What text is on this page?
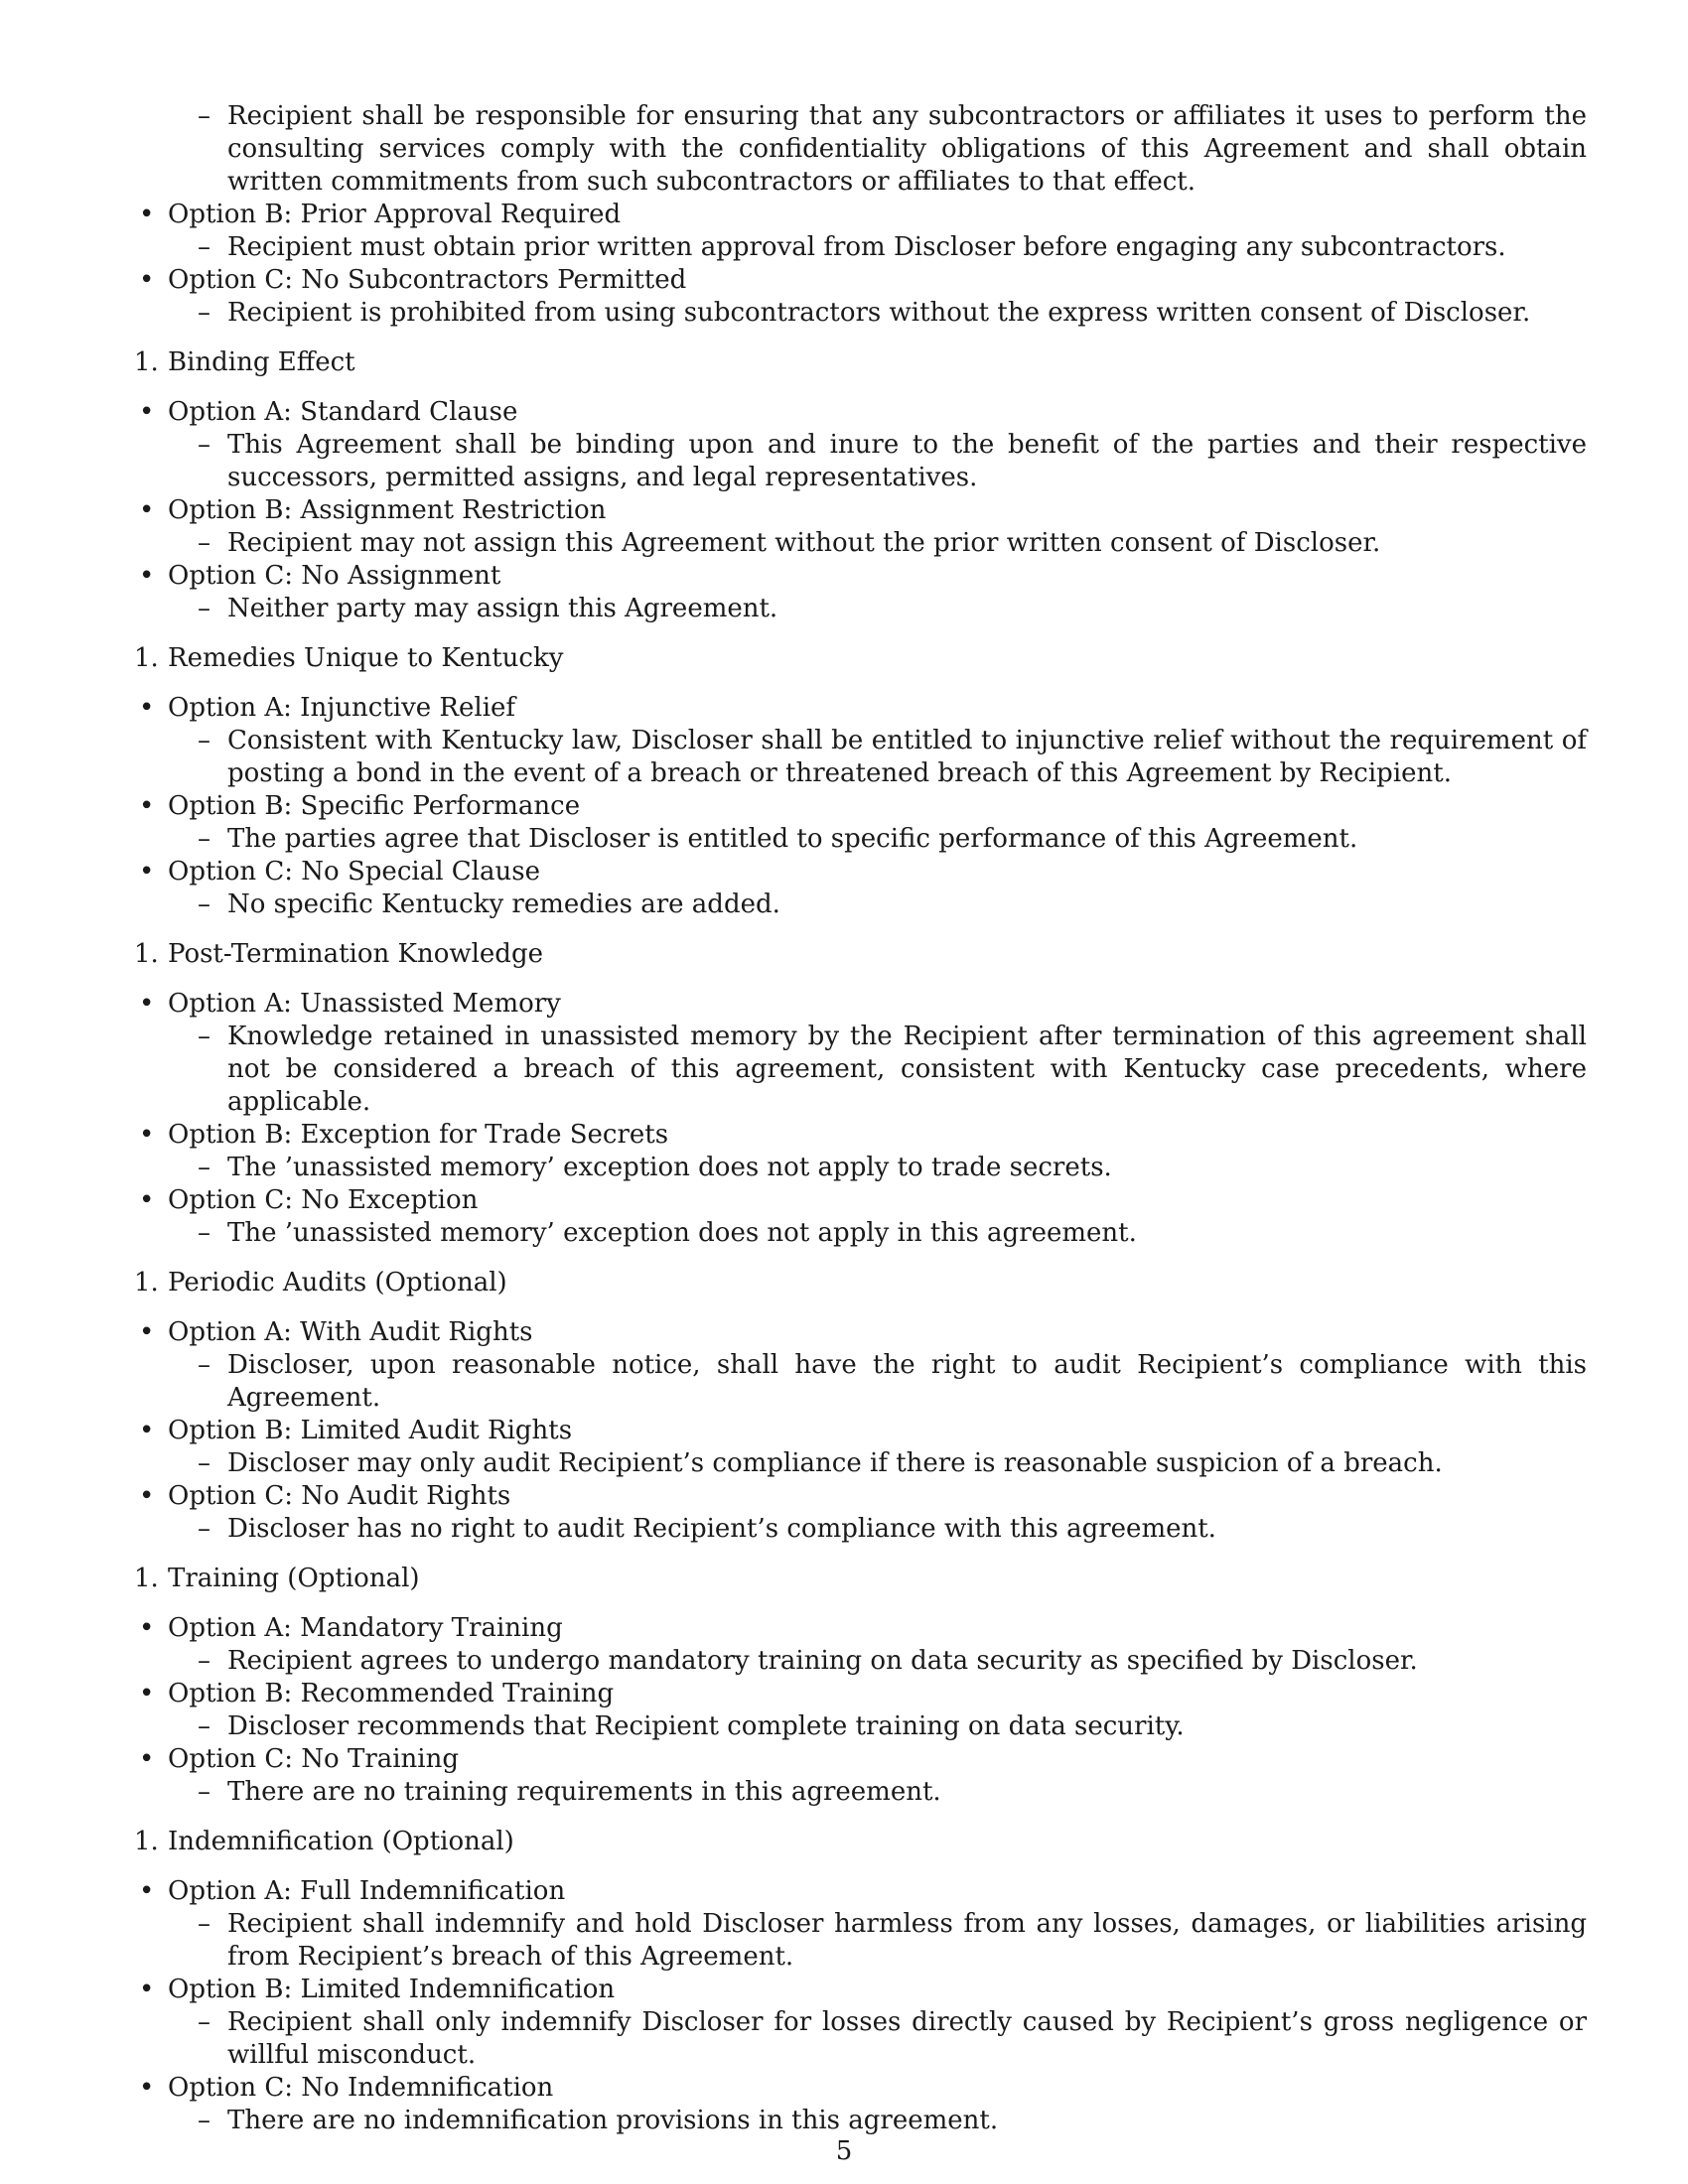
– Recipient shall be responsible for ensuring that any subcontractors or affiliates it uses to perform the consulting services comply with the confidentiality obligations of this Agreement and shall obtain written commitments from such subcontractors or affiliates to that effect.
• Option B: Prior Approval Required
– Recipient must obtain prior written approval from Discloser before engaging any subcontractors.
• Option C: No Subcontractors Permitted
– Recipient is prohibited from using subcontractors without the express written consent of Discloser.
1. Binding Effect
• Option A: Standard Clause
– This Agreement shall be binding upon and inure to the benefit of the parties and their respective successors, permitted assigns, and legal representatives.
• Option B: Assignment Restriction
– Recipient may not assign this Agreement without the prior written consent of Discloser.
• Option C: No Assignment
– Neither party may assign this Agreement.
1. Remedies Unique to Kentucky
• Option A: Injunctive Relief
– Consistent with Kentucky law, Discloser shall be entitled to injunctive relief without the requirement of posting a bond in the event of a breach or threatened breach of this Agreement by Recipient.
• Option B: Specific Performance
– The parties agree that Discloser is entitled to specific performance of this Agreement.
• Option C: No Special Clause
– No specific Kentucky remedies are added.
1. Post-Termination Knowledge
• Option A: Unassisted Memory
– Knowledge retained in unassisted memory by the Recipient after termination of this agreement shall not be considered a breach of this agreement, consistent with Kentucky case precedents, where applicable.
• Option B: Exception for Trade Secrets
– The ’unassisted memory’ exception does not apply to trade secrets.
• Option C: No Exception
– The ’unassisted memory’ exception does not apply in this agreement.
1. Periodic Audits (Optional)
• Option A: With Audit Rights
– Discloser, upon reasonable notice, shall have the right to audit Recipient’s compliance with this Agreement.
• Option B: Limited Audit Rights
– Discloser may only audit Recipient’s compliance if there is reasonable suspicion of a breach.
• Option C: No Audit Rights
– Discloser has no right to audit Recipient’s compliance with this agreement.
1. Training (Optional)
• Option A: Mandatory Training
– Recipient agrees to undergo mandatory training on data security as specified by Discloser.
• Option B: Recommended Training
– Discloser recommends that Recipient complete training on data security.
• Option C: No Training
– There are no training requirements in this agreement.
1. Indemnification (Optional)
• Option A: Full Indemnification
– Recipient shall indemnify and hold Discloser harmless from any losses, damages, or liabilities arising from Recipient’s breach of this Agreement.
• Option B: Limited Indemnification
– Recipient shall only indemnify Discloser for losses directly caused by Recipient’s gross negligence or willful misconduct.
• Option C: No Indemnification
– There are no indemnification provisions in this agreement.
5
